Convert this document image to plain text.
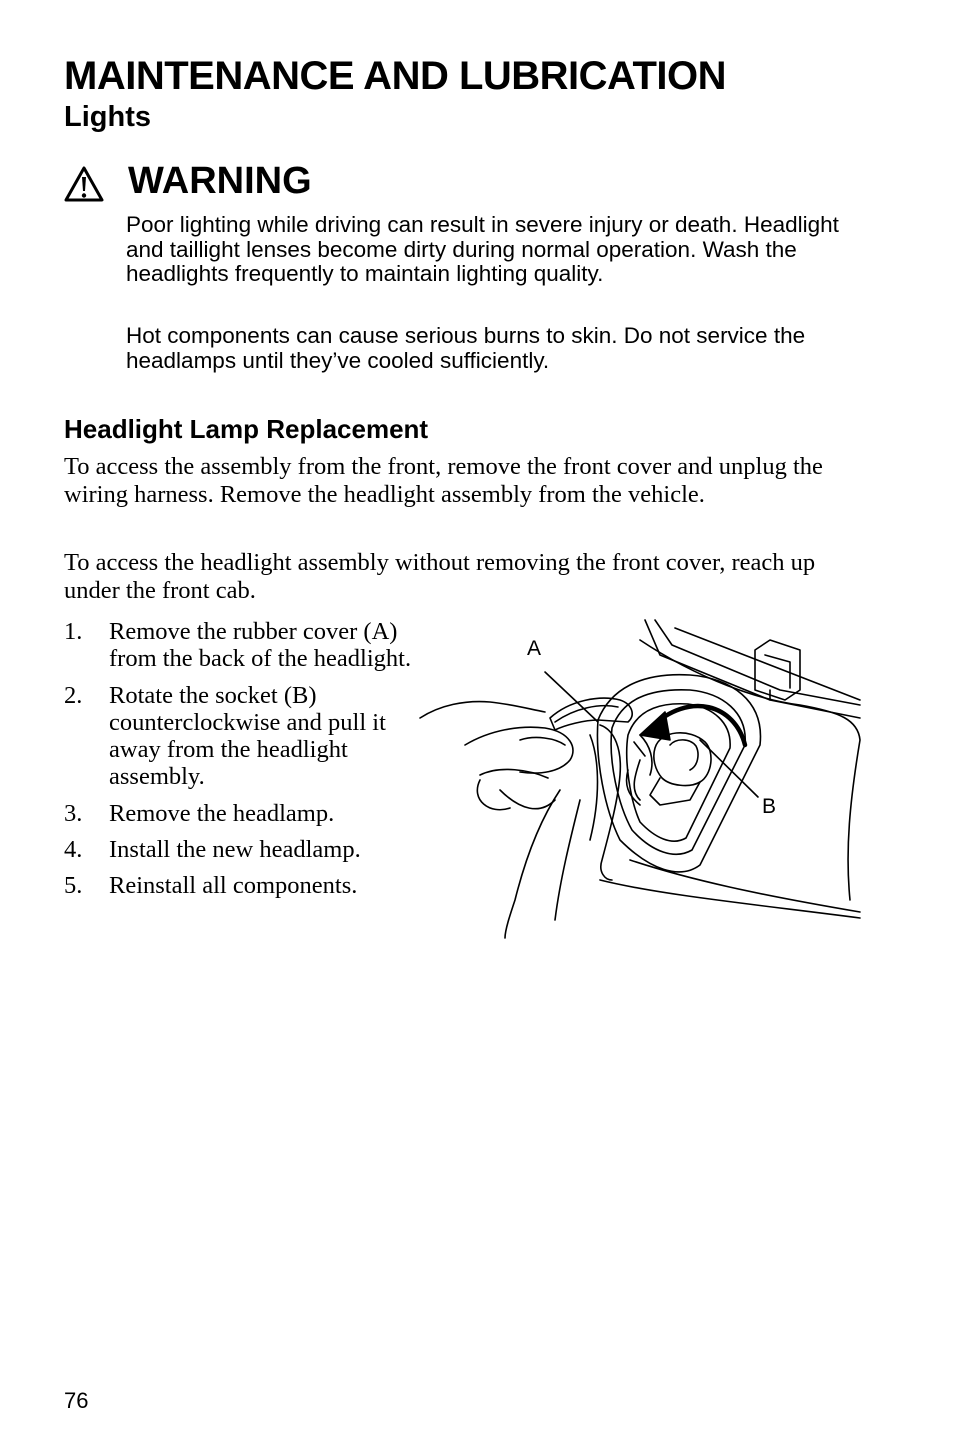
MAINTENANCE AND LUBRICATION
Lights
WARNING

Poor lighting while driving can result in severe injury or death. Headlight and taillight lenses become dirty during normal operation. Wash the headlights frequently to maintain lighting quality.

Hot components can cause serious burns to skin. Do not service the headlamps until they’ve cooled sufficiently.

Headlight Lamp Replacement

To access the assembly from the front, remove the front cover and unplug the wiring harness. Remove the headlight assembly from the vehicle.

To access the headlight assembly without removing the front cover, reach up under the front cab.

1. Remove the rubber cover (A) from the back of the headlight.
2. Rotate the socket (B) counterclockwise and pull it away from the headlight assembly.
3. Remove the headlamp.
4. Install the new headlamp.
5. Reinstall all components.
A
B

76
